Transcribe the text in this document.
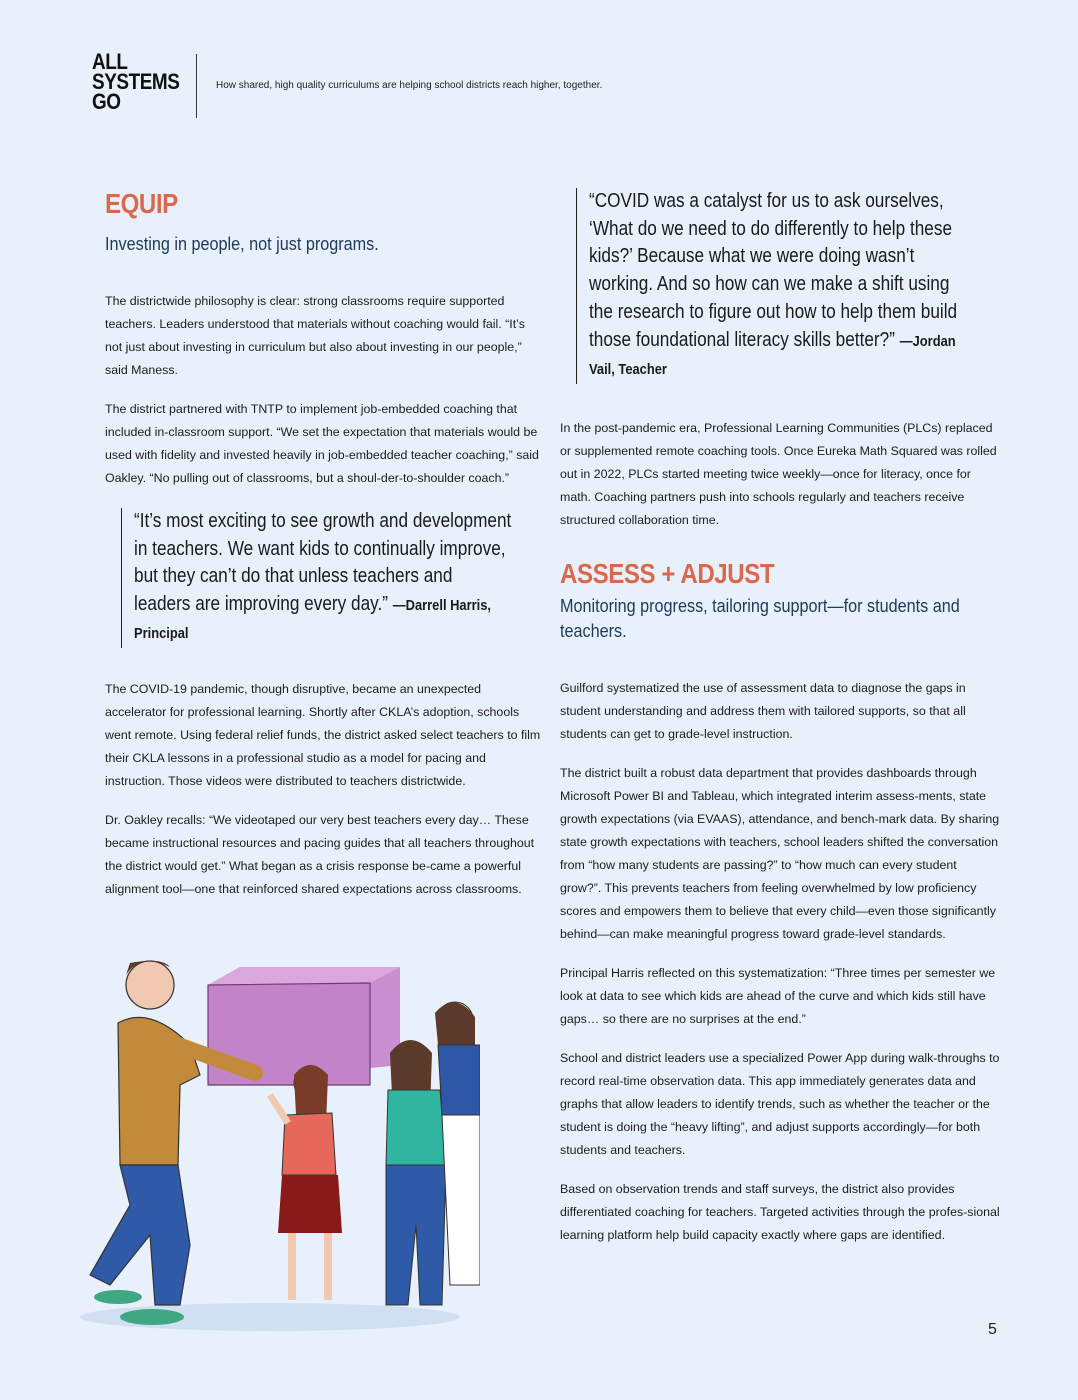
ALL
SYSTEMS
GO
How shared, high quality curriculums are helping school districts reach higher, together.
EQUIP
Investing in people, not just programs.

The districtwide philosophy is clear: strong classrooms require supported teachers. Leaders understood that materials without coaching would fail. “It’s not just about investing in curriculum but also about investing in our people,” said Maness.

The district partnered with TNTP to implement job-embedded coaching that included in-classroom support. “We set the expectation that materials would be used with fidelity and invested heavily in job-embedded teacher coaching,” said Oakley. “No pulling out of classrooms, but a shoul-der-to-shoulder coach.”

“It’s most exciting to see growth and development in teachers. We want kids to continually improve, but they can’t do that unless teachers and leaders are improving every day.” —Darrell Harris, Principal

The COVID-19 pandemic, though disruptive, became an unexpected accelerator for professional learning. Shortly after CKLA’s adoption, schools went remote. Using federal relief funds, the district asked select teachers to film their CKLA lessons in a professional studio as a model for pacing and instruction. Those videos were distributed to teachers districtwide.

Dr. Oakley recalls: “We videotaped our very best teachers every day… These became instructional resources and pacing guides that all teachers throughout the district would get.” What began as a crisis response be-came a powerful alignment tool—one that reinforced shared expectations across classrooms.

“COVID was a catalyst for us to ask ourselves, ‘What do we need to do differently to help these kids?’ Because what we were doing wasn’t working. And so how can we make a shift using the research to figure out how to help them build those foundational literacy skills better?” —Jordan Vail, Teacher

In the post-pandemic era, Professional Learning Communities (PLCs) replaced or supplemented remote coaching tools. Once Eureka Math Squared was rolled out in 2022, PLCs started meeting twice weekly—once for literacy, once for math. Coaching partners push into schools regularly and teachers receive structured collaboration time.

ASSESS + ADJUST
Monitoring progress, tailoring support—for students and teachers.

Guilford systematized the use of assessment data to diagnose the gaps in student understanding and address them with tailored supports, so that all students can get to grade-level instruction.

The district built a robust data department that provides dashboards through Microsoft Power BI and Tableau, which integrated interim assess-ments, state growth expectations (via EVAAS), attendance, and bench-mark data. By sharing state growth expectations with teachers, school leaders shifted the conversation from “how many students are passing?” to “how much can every student grow?”. This prevents teachers from feeling overwhelmed by low proficiency scores and empowers them to believe that every child—even those significantly behind—can make meaningful progress toward grade-level standards.

Principal Harris reflected on this systematization: “Three times per semester we look at data to see which kids are ahead of the curve and which kids still have gaps… so there are no surprises at the end.”

School and district leaders use a specialized Power App during walk-throughs to record real-time observation data. This app immediately generates data and graphs that allow leaders to identify trends, such as whether the teacher or the student is doing the “heavy lifting”, and adjust supports accordingly—for both students and teachers.

Based on observation trends and staff surveys, the district also provides differentiated coaching for teachers. Targeted activities through the profes-sional learning platform help build capacity exactly where gaps are identified.

5
